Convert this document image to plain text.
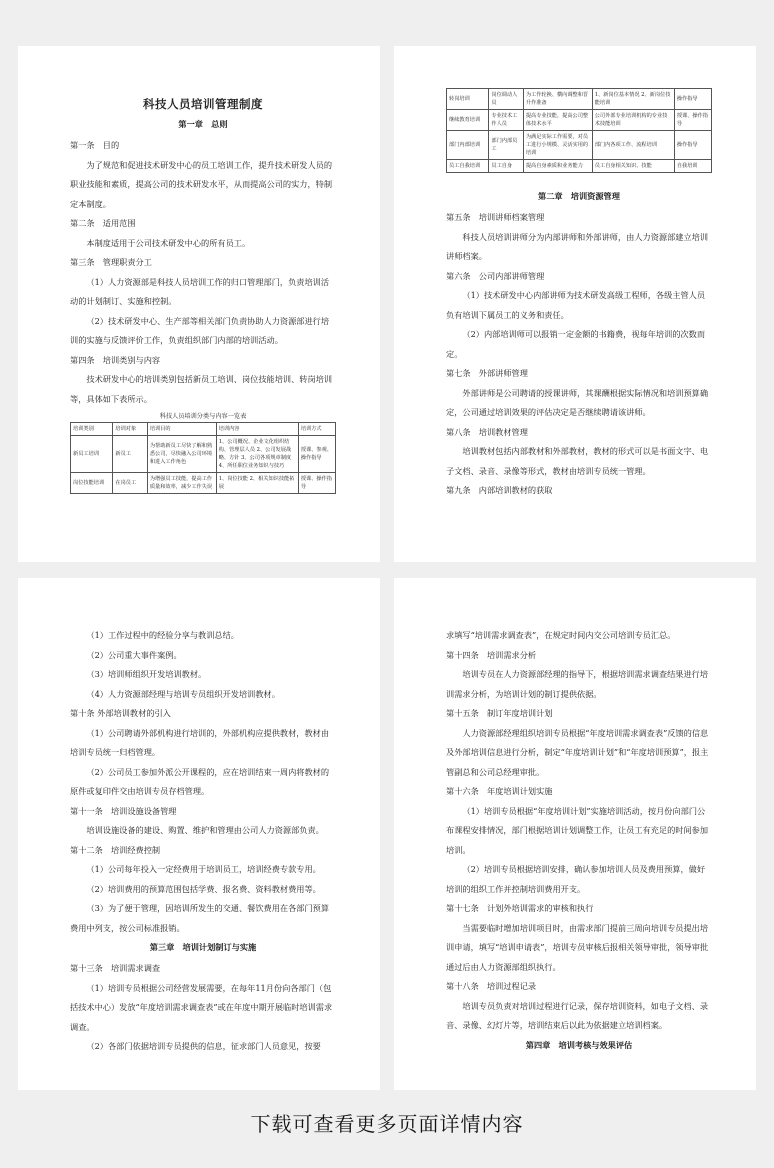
科技人员培训管理制度
第一章　总则

第一条　目的

为了规范和促进技术研发中心的员工培训工作，提升技术研发人员的职业技能和素质，提高公司的技术研发水平，从而提高公司的实力，特制定本制度。

第二条　适用范围

本制度适用于公司技术研发中心的所有员工。

第三条　管理职责分工

（1）人力资源部是科技人员培训工作的归口管理部门，负责培训活动的计划制订、实施和控制。

（2）技术研发中心、生产部等相关部门负责协助人力资源部进行培训的实施与反馈评价工作，负责组织部门内部的培训活动。

第四条　培训类别与内容

技术研发中心的培训类别包括新员工培训、岗位技能培训、转岗培训等，具体如下表所示。

科技人员培训分类与内容一览表
培训类别	培训对象	培训目的	培训内容	培训方式
新员工培训	新员工	为帮助新员工尽快了解和熟悉公司，尽快融入公司环境和进入工作角色	1、公司概况、企业文化组织结构、管理层人员 2、公司发展战略、方针 3、公司各项规章制度 4、所任职位业务知识与技巧	授课、参观、操作指导
岗位技能培训	在岗员工	为增强员工技能，提高工作质量和效率，减少工作失误	1、岗位技能 2、相关知识技能拓展	授课、操作指导
转岗培训	岗位调动人员	为工作轮换、横向调整和晋升作准备	1、新岗位基本情况 2、新岗位技能培训	操作指导
继续教育培训	专业技术工作人员	提高专业技能，提高公司整体技术水平	公司外部专业培训机构的专业技术技能培训	授课、操作指导
部门内部培训	部门内部员工	为满足实际工作需要，对员工进行小规模、灵活实用的培训	部门内各项工作、流程培训	操作指导
员工自我培训	员工自身	提高自身素质和业务能力	员工自身相关知识、技能	自我培训
第二章　培训资源管理

第五条　培训讲师档案管理

科技人员培训讲师分为内部讲师和外部讲师，由人力资源部建立培训讲师档案。

第六条　公司内部讲师管理

（1）技术研发中心内部讲师为技术研发高级工程师，各级主管人员负有培训下属员工的义务和责任。

（2）内部培训师可以报销一定金额的书籍费，视每年培训的次数而定。

第七条　外部讲师管理

外部讲师是公司聘请的授课讲师，其课酬根据实际情况和培训预算确定，公司通过培训效果的评估决定是否继续聘请该讲师。

第八条　培训教材管理

培训教材包括内部教材和外部教材，教材的形式可以是书面文字、电子文档、录音、录像等形式，教材由培训专员统一管理。

第九条　内部培训教材的获取

（1）工作过程中的经验分享与教训总结。

（2）公司重大事件案例。

（3）培训师组织开发培训教材。

（4）人力资源部经理与培训专员组织开发培训教材。

第十条 外部培训教材的引入

（1）公司聘请外部机构进行培训的，外部机构应提供教材，教材由培训专员统一归档管理。

（2）公司员工参加外派公开课程的，应在培训结束一周内将教材的原件或复印件交由培训专员存档管理。

第十一条　培训设施设备管理

培训设施设备的建设、购置、维护和管理由公司人力资源部负责。

第十二条　培训经费控制

（1）公司每年投入一定经费用于培训员工，培训经费专款专用。

（2）培训费用的预算范围包括学费、报名费、资料教材费用等。

（3）为了便于管理，因培训所发生的交通、餐饮费用在各部门预算费用中列支，按公司标准报销。

第三章　培训计划制订与实施

第十三条　培训需求调查

（1）培训专员根据公司经营发展需要，在每年11月份向各部门（包括技术中心）发放“年度培训需求调查表”或在年度中期开展临时培训需求调查。

（2）各部门依据培训专员提供的信息，征求部门人员意见，按要

求填写“培训需求调查表”，在规定时间内交公司培训专员汇总。

第十四条　培训需求分析

培训专员在人力资源部经理的指导下，根据培训需求调查结果进行培训需求分析，为培训计划的制订提供依据。

第十五条　制订年度培训计划

人力资源部经理组织培训专员根据“年度培训需求调查表”反馈的信息及外部培训信息进行分析，制定“年度培训计划”和“年度培训预算”，报主管副总和公司总经理审批。

第十六条　年度培训计划实施

（1）培训专员根据“年度培训计划”实施培训活动，按月份向部门公布课程安排情况，部门根据培训计划调整工作，让员工有充足的时间参加培训。

（2）培训专员根据培训安排，确认参加培训人员及费用预算，做好培训的组织工作并控制培训费用开支。

第十七条　计划外培训需求的审核和执行

当需要临时增加培训项目时，由需求部门提前三周向培训专员提出培训申请，填写“培训申请表”，培训专员审核后报相关领导审批，领导审批通过后由人力资源部组织执行。

第十八条　培训过程记录

培训专员负责对培训过程进行记录，保存培训资料，如电子文档、录音、录像、幻灯片等，培训结束后以此为依据建立培训档案。

第四章　培训考核与效果评估
下载可查看更多页面详情内容
